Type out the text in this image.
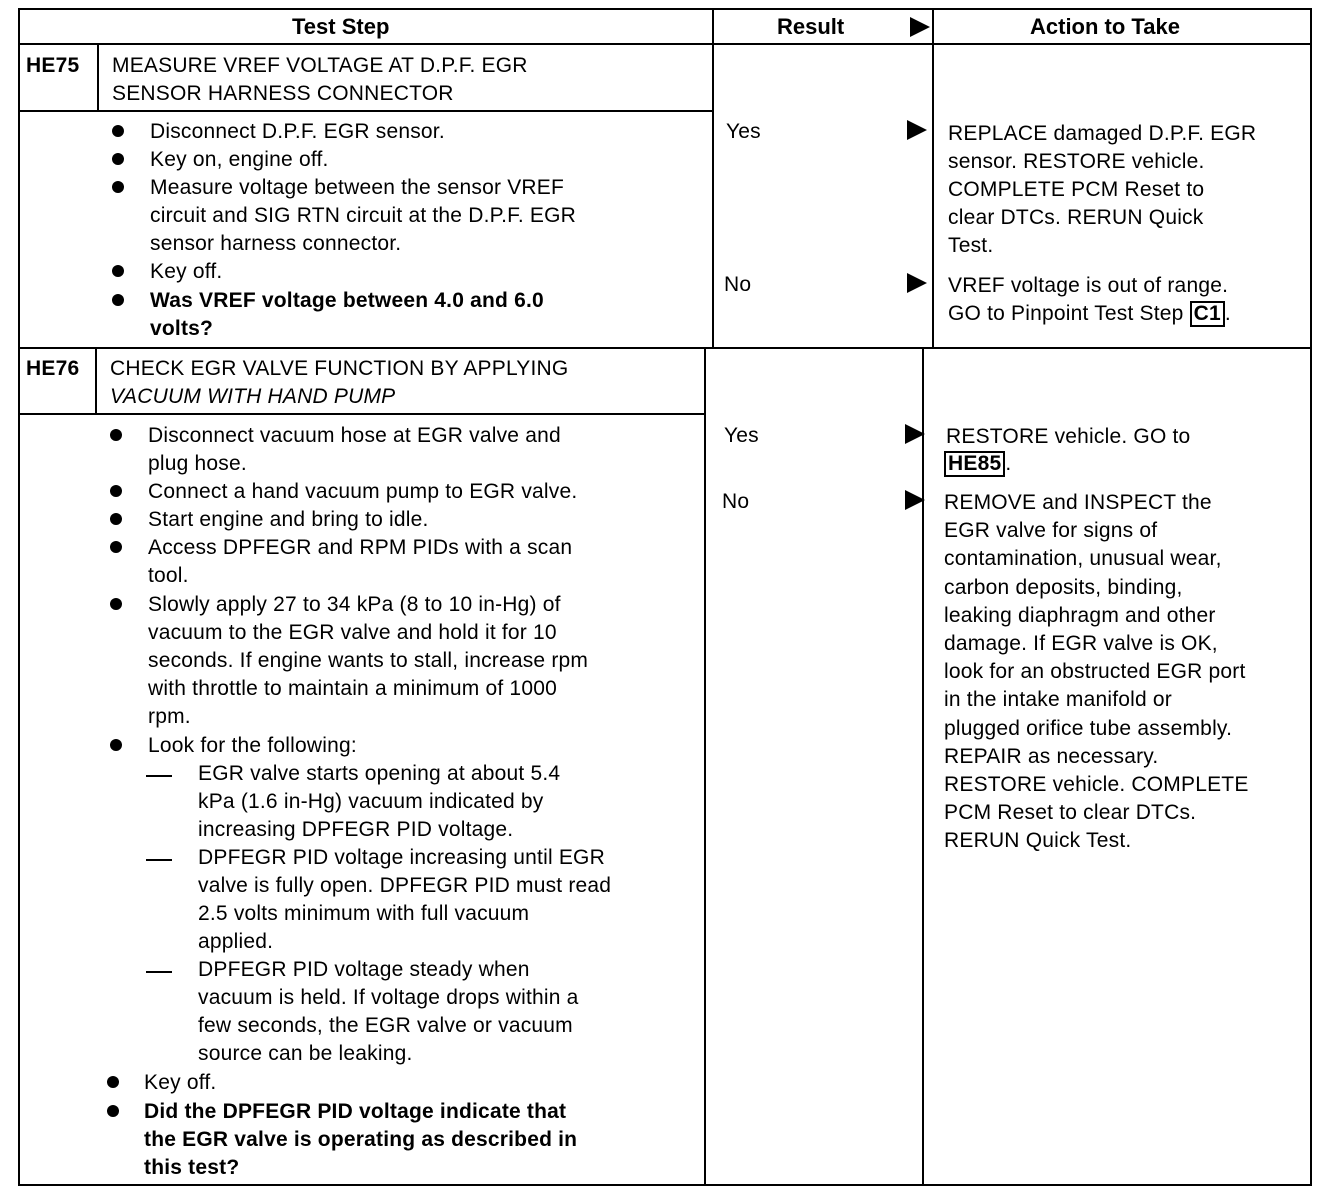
Test Step	Result	Action to Take
HE75 MEASURE VREF VOLTAGE AT D.P.F. EGR
SENSOR HARNESS CONNECTOR
Disconnect D.P.F. EGR sensor.
Key on, engine off.
Measure voltage between the sensor VREF
circuit and SIG RTN circuit at the D.P.F. EGR
sensor harness connector.
Key off.
Was VREF voltage between 4.0 and 6.0
volts?
Yes
No
REPLACE damaged D.P.F. EGR
sensor. RESTORE vehicle.
COMPLETE PCM Reset to
clear DTCs. RERUN Quick
Test.
VREF voltage is out of range.
GO to Pinpoint Test Step C1 .
HE76 CHECK EGR VALVE FUNCTION BY APPLYING
VACUUM WITH HAND PUMP
Disconnect vacuum hose at EGR valve and
plug hose.
Connect a hand vacuum pump to EGR valve.
Start engine and bring to idle.
Access DPFEGR and RPM PIDs with a scan
tool.
Slowly apply 27 to 34 kPa (8 to 10 in-Hg) of
vacuum to the EGR valve and hold it for 10
seconds. If engine wants to stall, increase rpm
with throttle to maintain a minimum of 1000
rpm.
Look for the following:
EGR valve starts opening at about 5.4
kPa (1.6 in-Hg) vacuum indicated by
increasing DPFEGR PID voltage.
DPFEGR PID voltage increasing until EGR
valve is fully open. DPFEGR PID must read
2.5 volts minimum with full vacuum
applied.
DPFEGR PID voltage steady when
vacuum is held. If voltage drops within a
few seconds, the EGR valve or vacuum
source can be leaking.
Key off.
Did the DPFEGR PID voltage indicate that
the EGR valve is operating as described in
this test?
Yes
No
RESTORE vehicle. GO to
HE85 .
REMOVE and INSPECT the
EGR valve for signs of
contamination, unusual wear,
carbon deposits, binding,
leaking diaphragm and other
damage. If EGR valve is OK,
look for an obstructed EGR port
in the intake manifold or
plugged orifice tube assembly.
REPAIR as necessary.
RESTORE vehicle. COMPLETE
PCM Reset to clear DTCs.
RERUN Quick Test.
